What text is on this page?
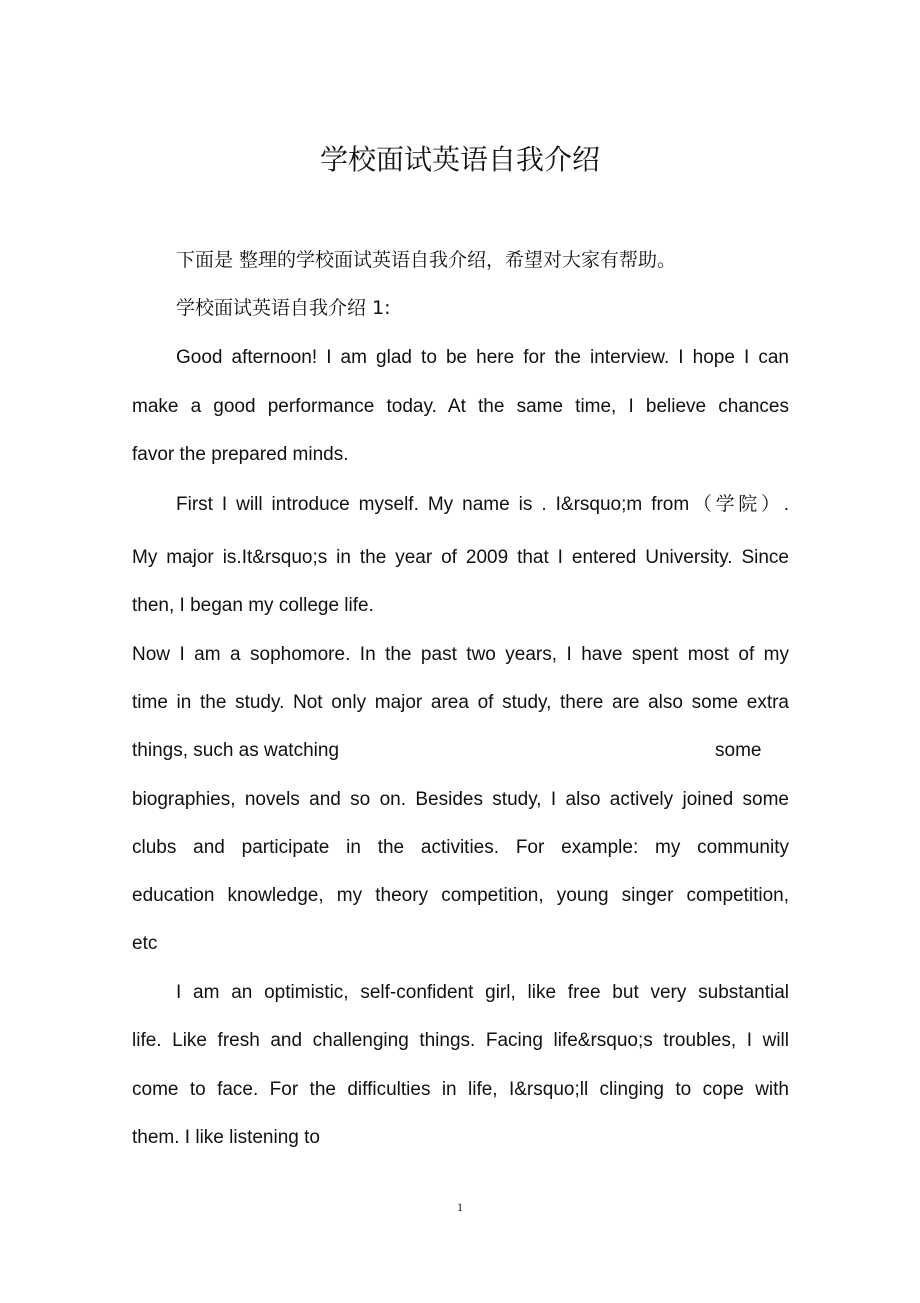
学校面试英语自我介绍
下面是 整理的学校面试英语自我介绍，希望对大家有帮助。
学校面试英语自我介绍 1:
Good afternoon! I am glad to be here for the interview. I hope I can
make a good performance today. At the same time, I believe chances
favor the prepared minds.
First I will introduce myself. My name is . I&rsquo;m from（学院）.
My major is.It&rsquo;s in the year of 2009 that I entered University. Since
then, I began my college life.
Now I am a sophomore. In the past two years, I have spent most of my
time in the study. Not only major area of study, there are also some extra
things, such as watching	some
biographies, novels and so on. Besides study, I also actively joined some
clubs and participate in the activities. For example: my community
education knowledge, my theory competition, young singer competition,
etc
I am an optimistic, self-confident girl, like free but very substantial
life. Like fresh and challenging things. Facing life&rsquo;s troubles, I will
come to face. For the difficulties in life, I&rsquo;ll clinging to cope with
them. I like listening to
1
